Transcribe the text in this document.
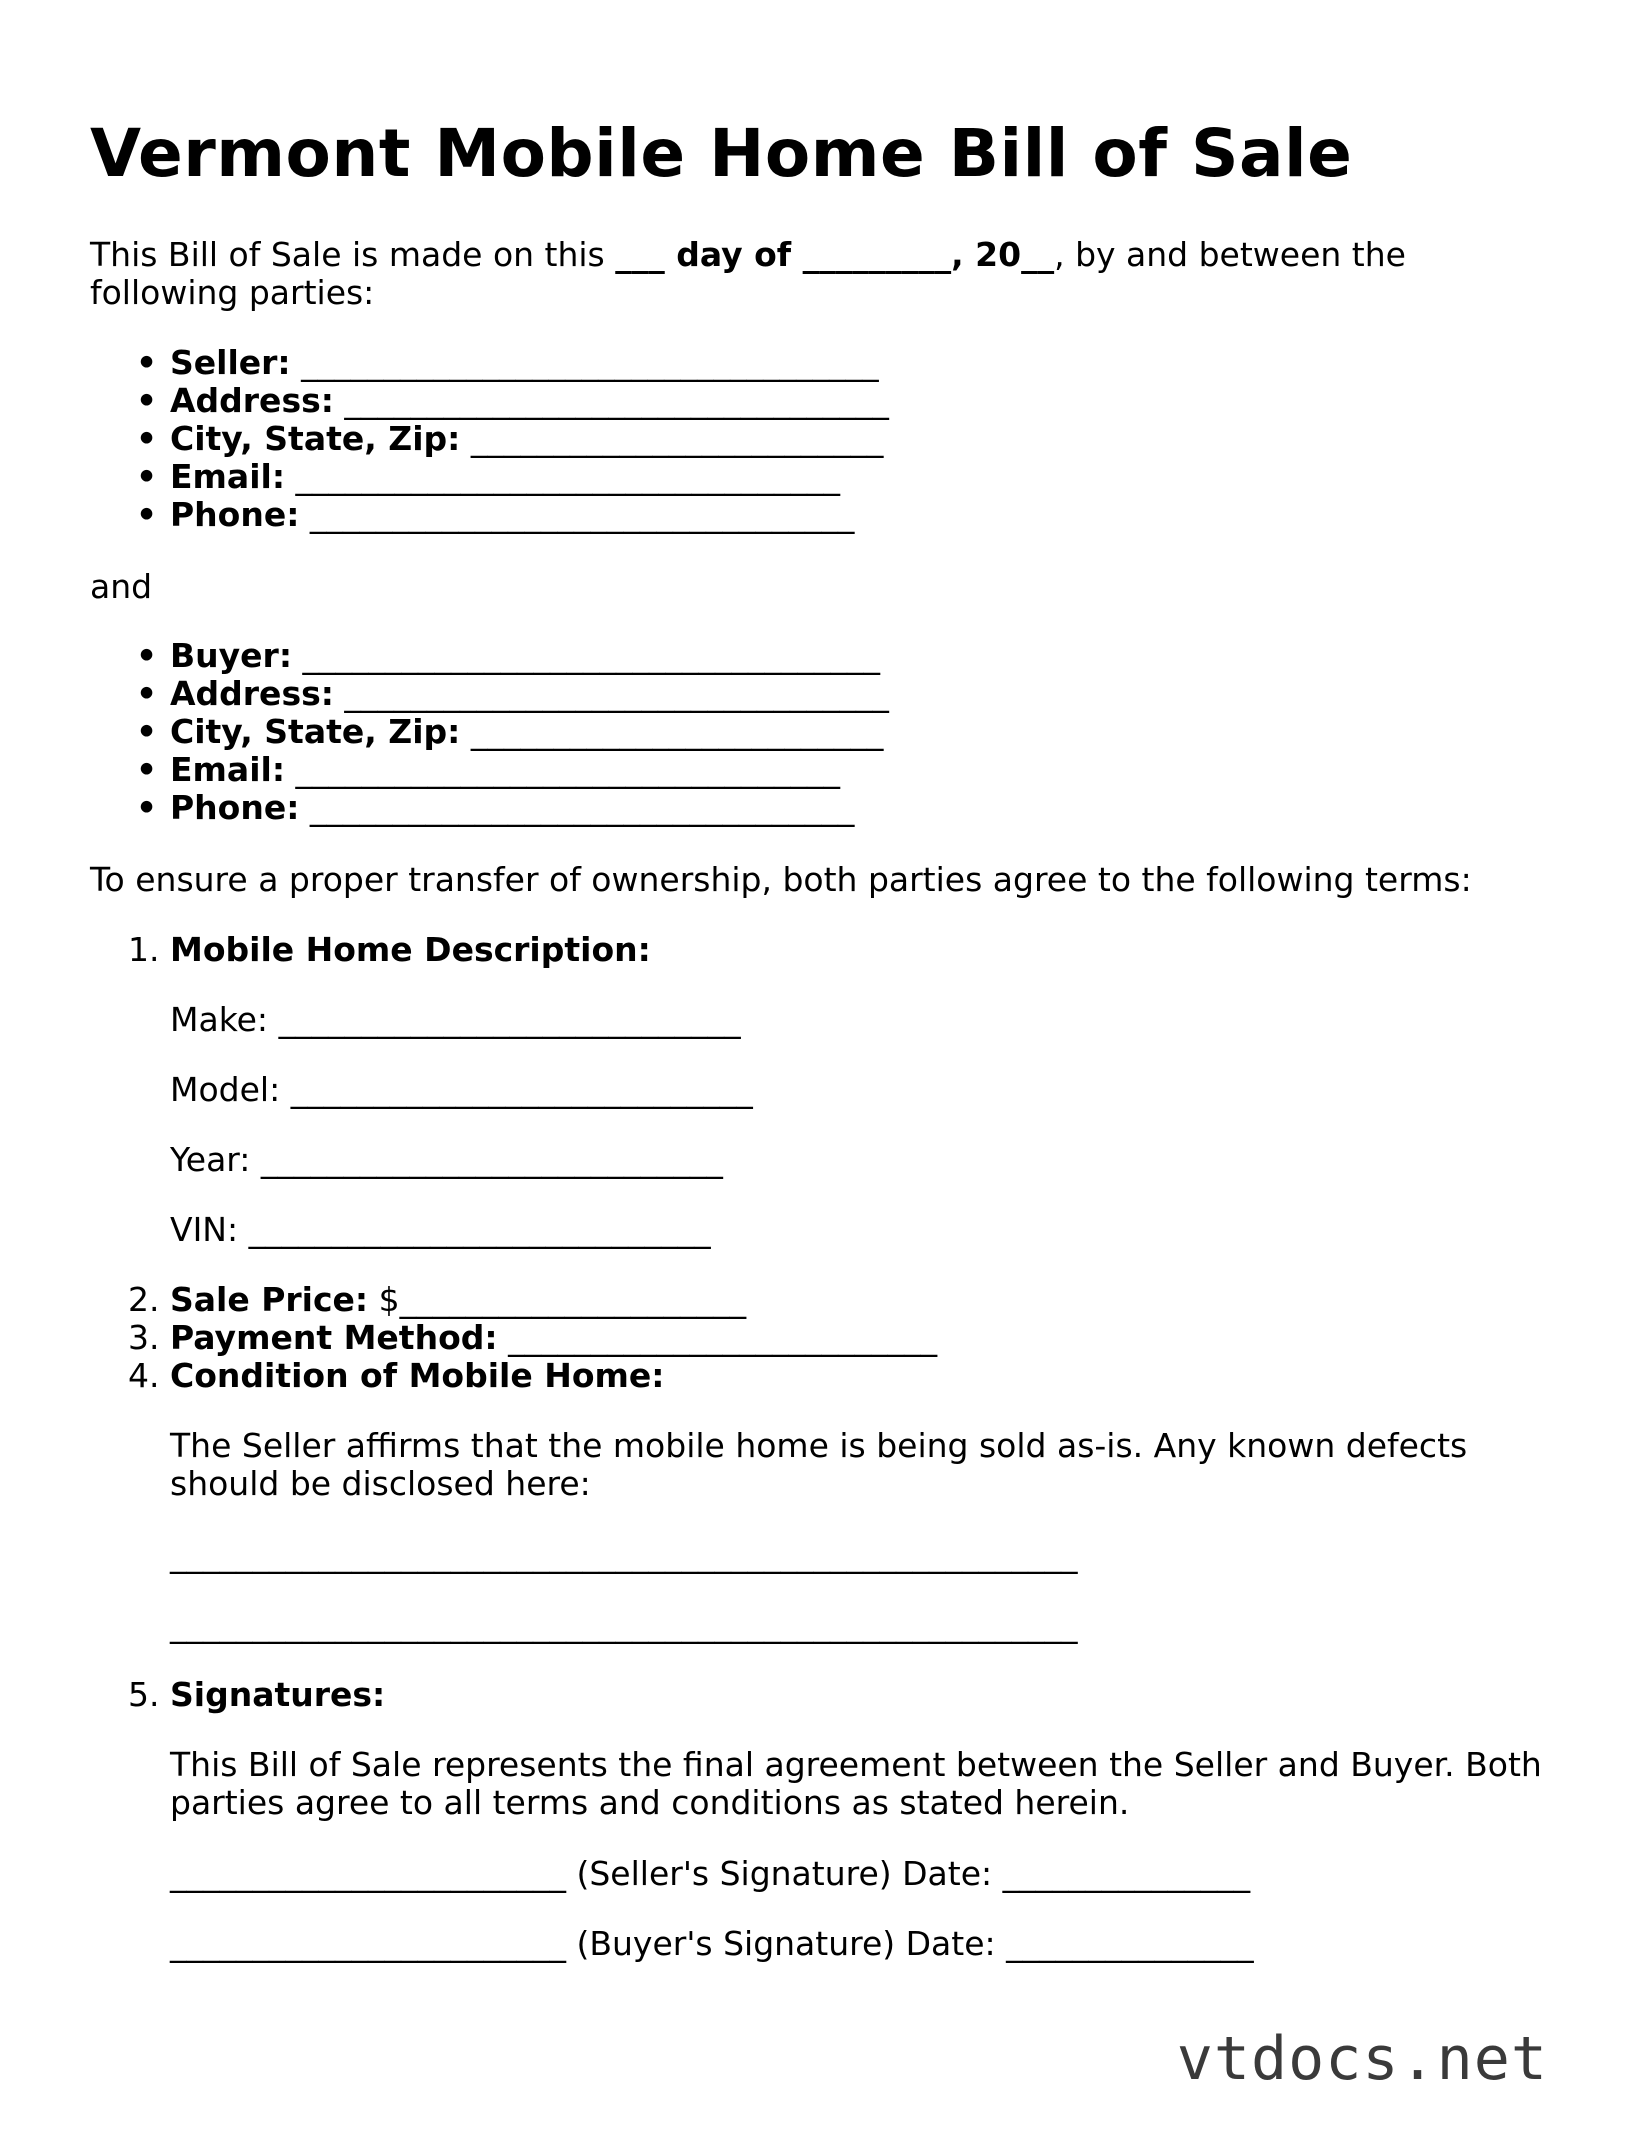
Vermont Mobile Home Bill of Sale

This Bill of Sale is made on this ___ day of _________, 20__, by and between the following parties:

• Seller: ___________________________________
• Address: _________________________________
• City, State, Zip: _________________________
• Email: _________________________________
• Phone: _________________________________

and

• Buyer: ___________________________________
• Address: _________________________________
• City, State, Zip: _________________________
• Email: _________________________________
• Phone: _________________________________

To ensure a proper transfer of ownership, both parties agree to the following terms:

1. Mobile Home Description:
Make: ____________________________
Model: ____________________________
Year: ____________________________
VIN: ____________________________
2. Sale Price: $_____________________
3. Payment Method: __________________________
4. Condition of Mobile Home:

The Seller affirms that the mobile home is being sold as-is. Any known defects should be disclosed here:

_______________________________________________________
_______________________________________________________
5. Signatures:

This Bill of Sale represents the final agreement between the Seller and Buyer. Both parties agree to all terms and conditions as stated herein.

________________________ (Seller's Signature) Date: _______________
________________________ (Buyer's Signature) Date: _______________
vtdocs.net
